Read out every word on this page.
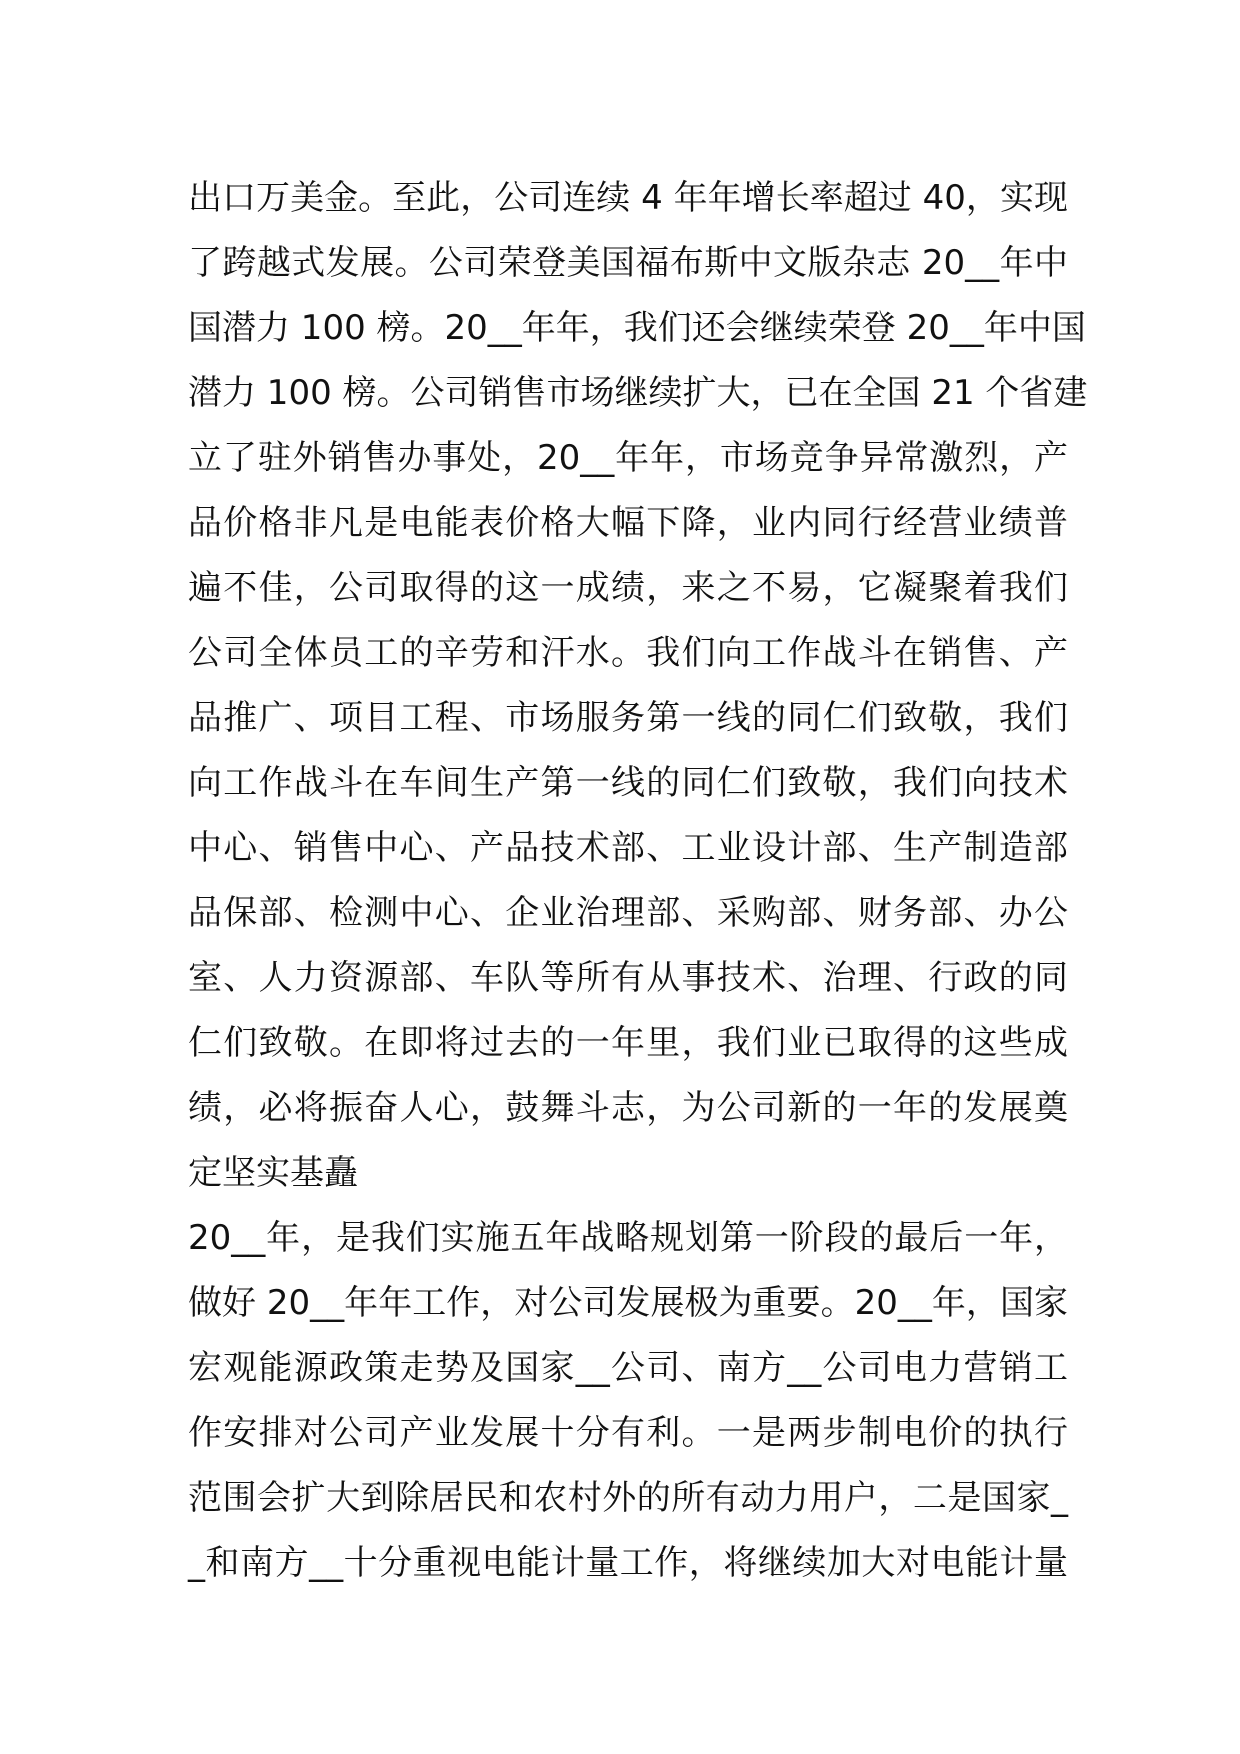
出口万美金。至此，公司连续 4 年年增长率超过 40，实现
了跨越式发展。公司荣登美国福布斯中文版杂志 20__年中
国潜力 100 榜。20__年年，我们还会继续荣登 20__年中国
潜力 100 榜。公司销售市场继续扩大，已在全国 21 个省建
立了驻外销售办事处，20__年年，市场竞争异常激烈，产
品价格非凡是电能表价格大幅下降，业内同行经营业绩普
遍不佳，公司取得的这一成绩，来之不易，它凝聚着我们
公司全体员工的辛劳和汗水。我们向工作战斗在销售、产
品推广、项目工程、市场服务第一线的同仁们致敬，我们
向工作战斗在车间生产第一线的同仁们致敬，我们向技术
中心、销售中心、产品技术部、工业设计部、生产制造部
品保部、检测中心、企业治理部、采购部、财务部、办公
室、人力资源部、车队等所有从事技术、治理、行政的同
仁们致敬。在即将过去的一年里，我们业已取得的这些成
绩，必将振奋人心，鼓舞斗志，为公司新的一年的发展奠
定坚实基矗
20__年，是我们实施五年战略规划第一阶段的最后一年，
做好 20__年年工作，对公司发展极为重要。20__年，国家
宏观能源政策走势及国家__公司、南方__公司电力营销工
作安排对公司产业发展十分有利。一是两步制电价的执行
范围会扩大到除居民和农村外的所有动力用户，二是国家_
_和南方__十分重视电能计量工作，将继续加大对电能计量
